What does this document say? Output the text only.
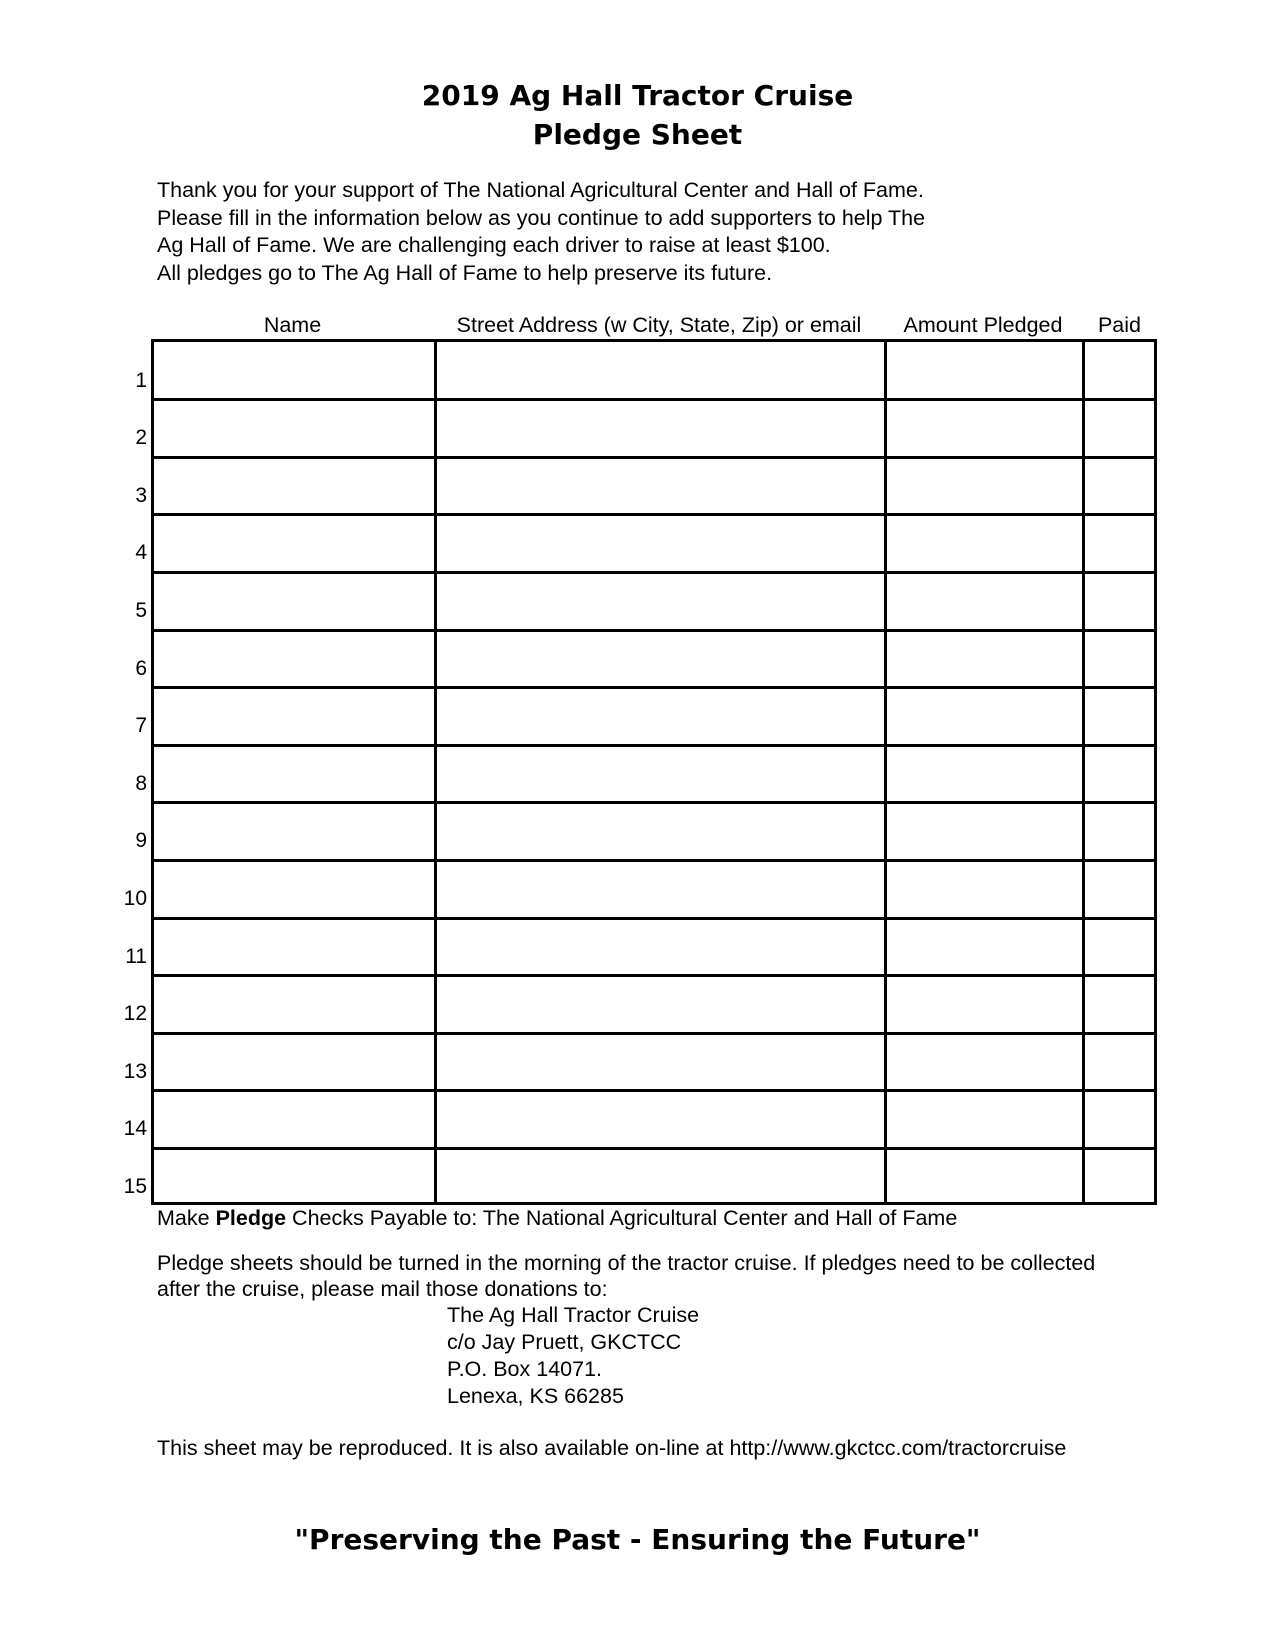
2019 Ag Hall Tractor Cruise
Pledge Sheet
Thank you for your support of The National Agricultural Center and Hall of Fame.
Please fill in the information below as you continue to add supporters to help The
Ag Hall of Fame. We are challenging each driver to raise at least $100.
All pledges go to The Ag Hall of Fame to help preserve its future.
Name	Street Address (w City, State, Zip) or email	Amount Pledged	Paid
1
2
3
4
5
6
7
8
9
10
11
12
13
14
15
Make Pledge Checks Payable to: The National Agricultural Center and Hall of Fame
Pledge sheets should be turned in the morning of the tractor cruise. If pledges need to be collected
after the cruise, please mail those donations to:
The Ag Hall Tractor Cruise
c/o Jay Pruett, GKCTCC
P.O. Box 14071.
Lenexa, KS 66285
This sheet may be reproduced. It is also available on-line at http://www.gkctcc.com/tractorcruise
"Preserving the Past - Ensuring the Future"
